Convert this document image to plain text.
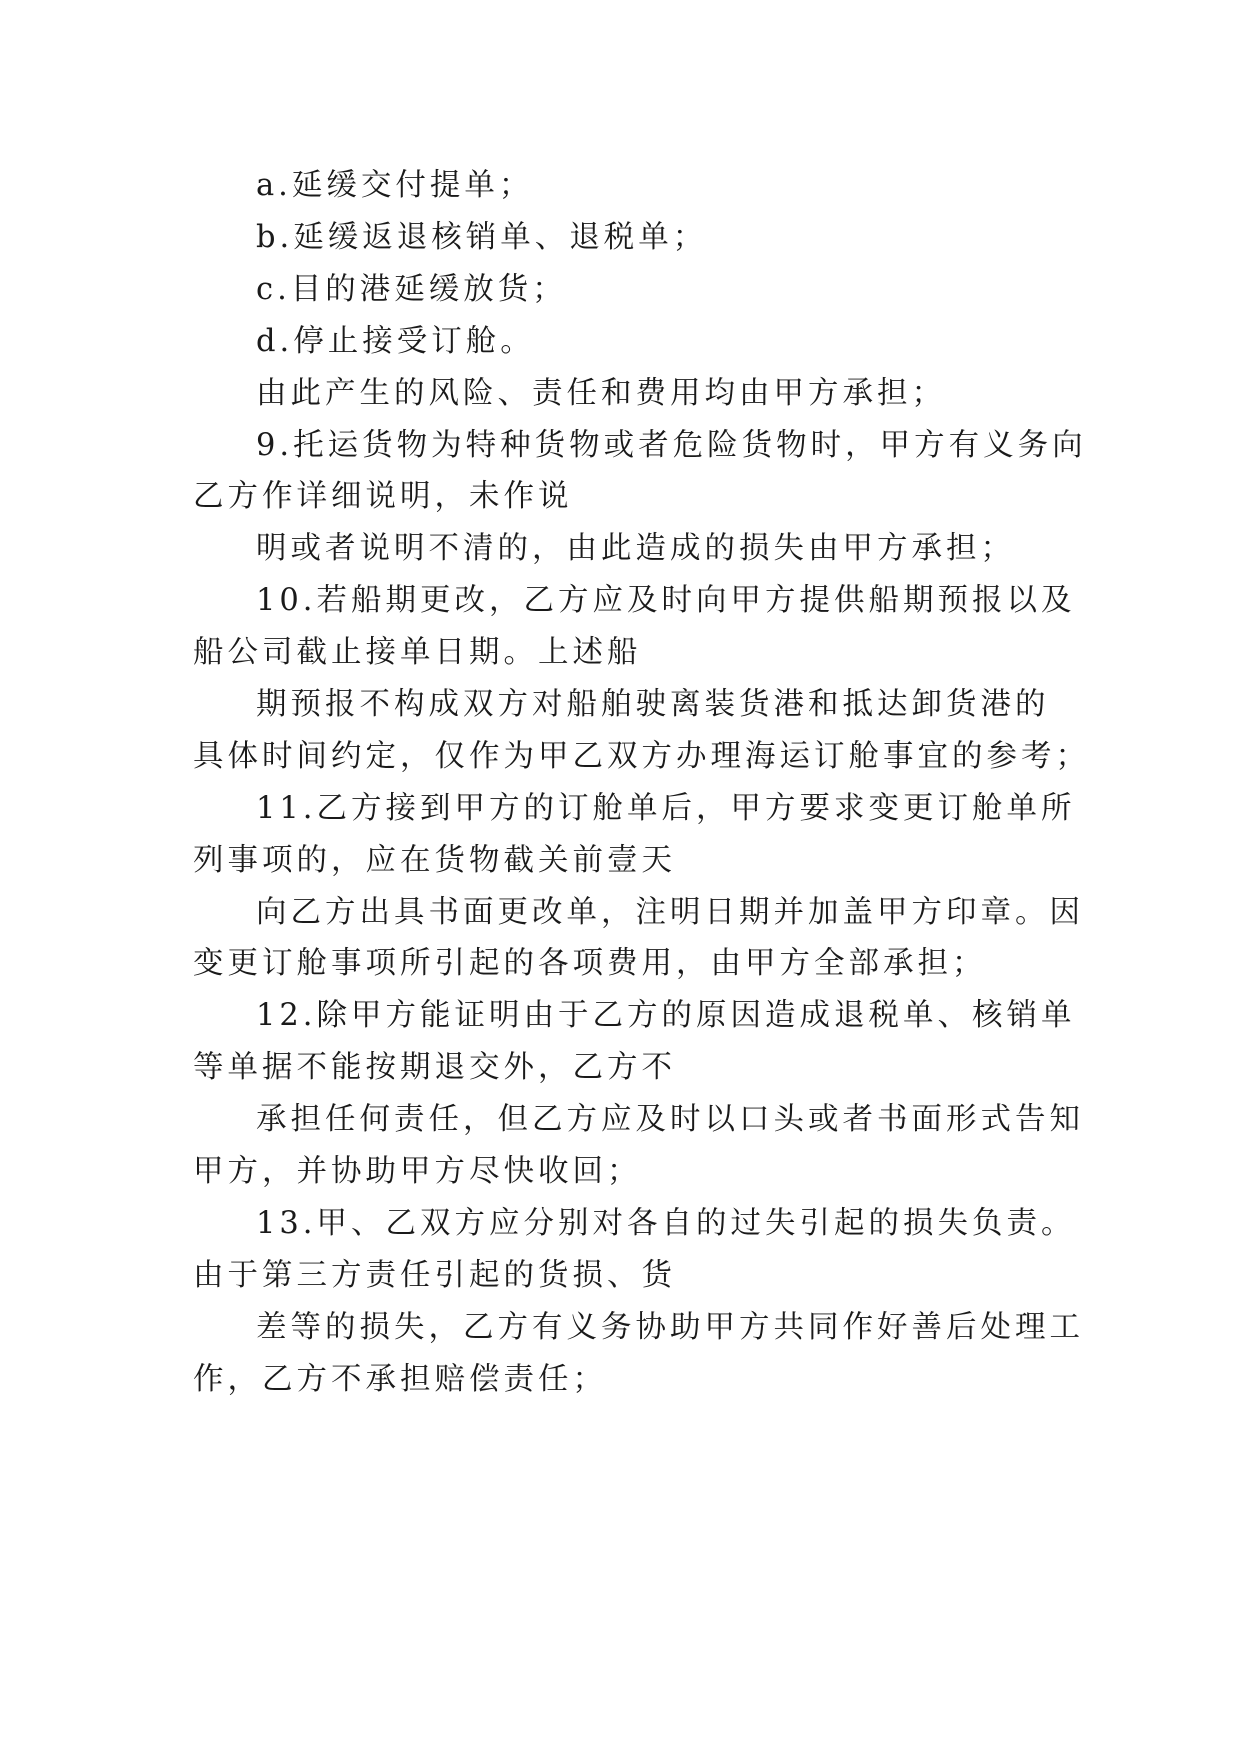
a.延缓交付提单；
b.延缓返退核销单、退税单；
c.目的港延缓放货；
d.停止接受订舱。
由此产生的风险、责任和费用均由甲方承担；
9.托运货物为特种货物或者危险货物时，甲方有义务向
乙方作详细说明，未作说
明或者说明不清的，由此造成的损失由甲方承担；
10.若船期更改，乙方应及时向甲方提供船期预报以及
船公司截止接单日期。上述船
期预报不构成双方对船舶驶离装货港和抵达卸货港的
具体时间约定，仅作为甲乙双方办理海运订舱事宜的参考；
11.乙方接到甲方的订舱单后，甲方要求变更订舱单所
列事项的，应在货物截关前壹天
向乙方出具书面更改单，注明日期并加盖甲方印章。因
变更订舱事项所引起的各项费用，由甲方全部承担；
12.除甲方能证明由于乙方的原因造成退税单、核销单
等单据不能按期退交外，乙方不
承担任何责任，但乙方应及时以口头或者书面形式告知
甲方，并协助甲方尽快收回；
13.甲、乙双方应分别对各自的过失引起的损失负责。
由于第三方责任引起的货损、货
差等的损失，乙方有义务协助甲方共同作好善后处理工
作，乙方不承担赔偿责任；
